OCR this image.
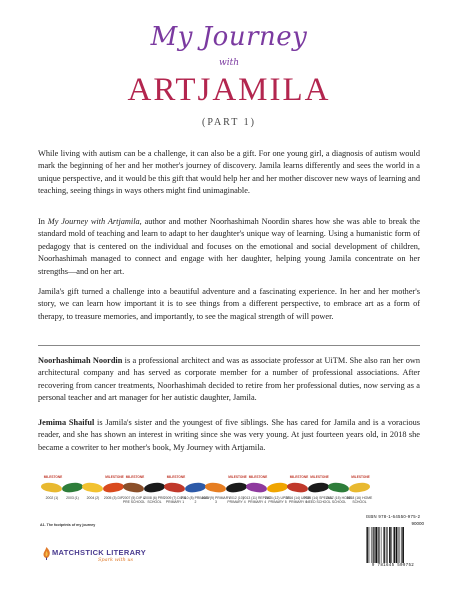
My Journey
with
ARTJAMILA
(PART 1)

While living with autism can be a challenge, it can also be a gift. For one young girl, a diagnosis of autism would mark the beginning of her and her mother's journey of discovery. Jamila learns differently and sees the world in a unique perspective, and it would be this gift that would help her and her mother discover new ways of learning and teaching, seeing things in ways others might find unimaginable.

In My Journey with Artjamila, author and mother Noorhashimah Noordin shares how she was able to break the standard mold of teaching and learn to adapt to her daughter's unique way of learning. Using a humanistic form of pedagogy that is centered on the individual and focuses on the emotional and social development of children, Noorhashimah managed to connect and engage with her daughter, helping young Jamila concentrate on her strengths—and on her art.

Jamila's gift turned a challenge into a beautiful adventure and a fascinating experience. In her and her mother's story, we can learn how important it is to see things from a different perspective, to embrace art as a form of therapy, to treasure memories, and importantly, to see the magical strength of will power.

Noorhashimah Noordin is a professional architect and was as associate professor at UiTM. She also ran her own architectural company and has served as corporate member for a number of professional associations. After recovering from cancer treatments, Noorhashimah decided to retire from her professional duties, now serving as a personal teacher and art manager for her autistic daughter, Jamila.

Jemima Shaiful is Jamila's sister and the youngest of five siblings. She has cared for Jamila and is a voracious reader, and she has shown an interest in writing since she was very young. At just fourteen years old, in 2018 she became a cowriter to her mother's book, My Journey with Artjamila.

MILESTONE
2002 (1)	2003 (1)	2004 (2)
MILESTONE
2005 (3) DIP
MILESTONE
2007 (5) DIP & PRE SCHOOL
2008 (6) PRE SCHOOL
MILESTONE
2009 (7) DIP & PRIMARY 1
2010 (8) PRIMARY 2
2011 (9) PRIMARY 3
MILESTONE
2012 (10) PRIMARY 4
MILESTONE
2013 (11) REPEAT PRIMARY 4
2014 (12) UPSR PRIMARY 5
MILESTONE
2016 (14) UPSR PRIMARY 6
MILESTONE
2016 (14) SPECIAL NEED SCHOOL
2017 (15) HOME SCHOOL
MILESTONE
2018 (16) HOME SCHOOL
A1. The footprints of my journey
ISBN 978-1-64550-975-2
90000
9 781645 509752
MATCHSTICK LITERARY
Spark with us
